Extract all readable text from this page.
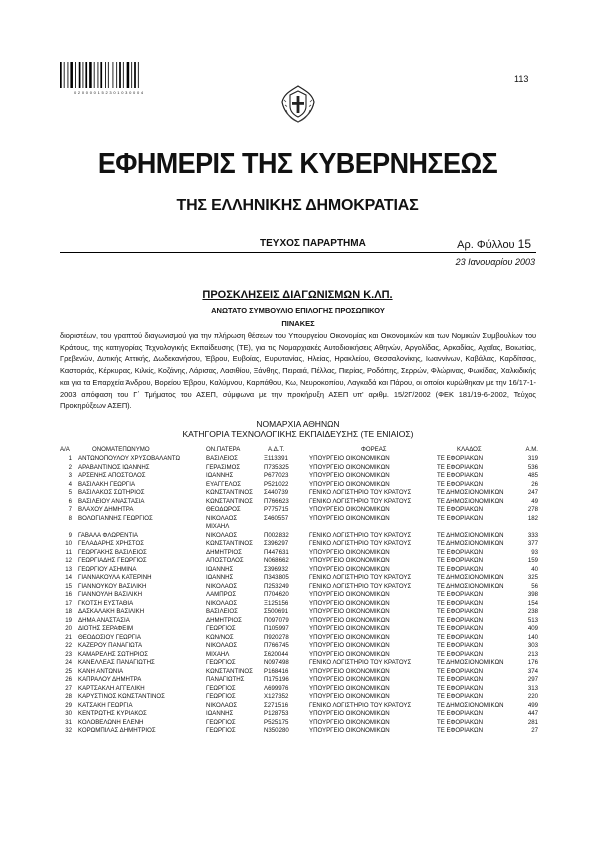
0 2 0 0 0 0 1 5 2 3 0 1 0 3 0 0 0 4
113
ΕΦΗΜΕΡΙΣ ΤΗΣ ΚΥΒΕΡΝΗΣΕΩΣ
ΤΗΣ ΕΛΛΗΝΙΚΗΣ ΔΗΜΟΚΡΑΤΙΑΣ
ΤΕΥΧΟΣ ΠΑΡΑΡΤΗΜΑ	Αρ. Φύλλου 15
23 Ιανουαρίου 2003
ΠΡΟΣΚΛΗΣΕΙΣ ΔΙΑΓΩΝΙΣΜΩΝ Κ.ΛΠ.
ΑΝΩΤΑΤΟ ΣΥΜΒΟΥΛΙΟ ΕΠΙΛΟΓΗΣ ΠΡΟΣΩΠΙΚΟΥ
ΠΙΝΑΚΕΣ
διοριστέων, του γραπτού διαγωνισμού για την πλήρωση θέσεων του Υπουργείου Οικονομίας και Οικονομικών και των Νομικών Συμβουλίων του Κράτους, της κατηγορίας Τεχνολογικής Εκπαίδευσης (ΤΕ), για τις Νομαρχιακές Αυτοδιοικήσεις Αθηνών, Αργολίδας, Αρκαδίας, Αχαΐας, Βοιωτίας, Γρεβενών, Δυτικής Αττικής, Δωδεκανήσου, Έβρου, Ευβοίας, Ευρυτανίας, Ηλείας, Ηρακλείου, Θεσσαλονίκης, Ιωαννίνων, Καβάλας, Καρδίτσας, Καστοριάς, Κέρκυρας, Κιλκίς, Κοζάνης, Λάρισας, Λασιθίου, Ξάνθης, Πειραιά, Πέλλας, Πιερίας, Ροδόπης, Σερρών, Φλώρινας, Φωκίδας, Χαλκιδικής και για τα Επαρχεία Άνδρου, Βορείου Έβρου, Καλύμνου, Καρπάθου, Κω, Νευροκοπίου, Λαγκαδά και Πάρου, οι οποίοι κυρώθηκαν με την 16/17-1-2003 απόφαση του Γ΄ Τμήματος του ΑΣΕΠ, σύμφωνα με την προκήρυξη ΑΣΕΠ υπ' αριθμ. 15/2Γ/2002 (ΦΕΚ 181/19-6-2002, Τεύχος Προκηρύξεων ΑΣΕΠ).
ΝΟΜΑΡΧΙΑ ΑΘΗΝΩΝ
ΚΑΤΗΓΟΡΙΑ ΤΕΧΝΟΛΟΓΙΚΗΣ ΕΚΠΑΙΔΕΥΣΗΣ (ΤΕ ΕΝΙΑΙΟΣ)
Α/Α	ΟΝΟΜΑΤΕΠΩΝΥΜΟ	ΟΝ.ΠΑΤΕΡΑ	Α.Δ.Τ.	ΦΟΡΕΑΣ	ΚΛΑΔΟΣ	Α.Μ.
1	ΑΝΤΩΝΟΠΟΥΛΟΥ ΧΡΥΣΟΒΑΛΑΝΤΩ	ΒΑΣΙΛΕΙΟΣ	Ξ113391	ΥΠΟΥΡΓΕΙΟ ΟΙΚΟΝΟΜΙΚΩΝ	ΤΕ ΕΦΟΡΙΑΚΩΝ	319
2	ΑΡΑΒΑΝΤΙΝΟΣ ΙΩΑΝΝΗΣ	ΓΕΡΑΣΙΜΟΣ	Π735325	ΥΠΟΥΡΓΕΙΟ ΟΙΚΟΝΟΜΙΚΩΝ	ΤΕ ΕΦΟΡΙΑΚΩΝ	536
3	ΑΡΣΕΝΗΣ ΑΠΟΣΤΟΛΟΣ	ΙΩΑΝΝΗΣ	Ρ677023	ΥΠΟΥΡΓΕΙΟ ΟΙΚΟΝΟΜΙΚΩΝ	ΤΕ ΕΦΟΡΙΑΚΩΝ	485
4	ΒΑΣΙΛΑΚΗ ΓΕΩΡΓΙΑ	ΕΥΑΓΓΕΛΟΣ	Ρ521022	ΥΠΟΥΡΓΕΙΟ ΟΙΚΟΝΟΜΙΚΩΝ	ΤΕ ΕΦΟΡΙΑΚΩΝ	26
5	ΒΑΣΙΛΑΚΟΣ ΣΩΤΗΡΙΟΣ	ΚΩΝΣΤΑΝΤΙΝΟΣ	Σ440739	ΓΕΝΙΚΟ ΛΟΓΙΣΤΗΡΙΟ ΤΟΥ ΚΡΑΤΟΥΣ	ΤΕ ΔΗΜΟΣΙΟΝΟΜΙΚΩΝ	247
6	ΒΑΣΙΛΕΙΟΥ ΑΝΑΣΤΑΣΙΑ	ΚΩΝΣΤΑΝΤΙΝΟΣ	Π766623	ΓΕΝΙΚΟ ΛΟΓΙΣΤΗΡΙΟ ΤΟΥ ΚΡΑΤΟΥΣ	ΤΕ ΔΗΜΟΣΙΟΝΟΜΙΚΩΝ	49
7	ΒΛΑΧΟΥ ΔΗΜΗΤΡΑ	ΘΕΟΔΩΡΟΣ	Ρ775715	ΥΠΟΥΡΓΕΙΟ ΟΙΚΟΝΟΜΙΚΩΝ	ΤΕ ΕΦΟΡΙΑΚΩΝ	278
8	ΒΟΛΟΓΙΑΝΝΗΣ ΓΕΩΡΓΙΟΣ	ΝΙΚΟΛΑΟΣ
ΜΙΧΑΗΛ	Σ460557	ΥΠΟΥΡΓΕΙΟ ΟΙΚΟΝΟΜΙΚΩΝ	ΤΕ ΕΦΟΡΙΑΚΩΝ	182
9	ΓΑΒΑΛΑ ΦΛΩΡΕΝΤΙΑ	ΝΙΚΟΛΑΟΣ	Π002832	ΓΕΝΙΚΟ ΛΟΓΙΣΤΗΡΙΟ ΤΟΥ ΚΡΑΤΟΥΣ	ΤΕ ΔΗΜΟΣΙΟΝΟΜΙΚΩΝ	333
10	ΓΕΛΑΔΑΡΗΣ ΧΡΗΣΤΟΣ	ΚΩΝΣΤΑΝΤΙΝΟΣ	Σ396297	ΓΕΝΙΚΟ ΛΟΓΙΣΤΗΡΙΟ ΤΟΥ ΚΡΑΤΟΥΣ	ΤΕ ΔΗΜΟΣΙΟΝΟΜΙΚΩΝ	377
11	ΓΕΩΡΓΑΚΗΣ ΒΑΣΙΛΕΙΟΣ	ΔΗΜΗΤΡΙΟΣ	Π447631	ΥΠΟΥΡΓΕΙΟ ΟΙΚΟΝΟΜΙΚΩΝ	ΤΕ ΕΦΟΡΙΑΚΩΝ	93
12	ΓΕΩΡΓΙΑΔΗΣ ΓΕΩΡΓΙΟΣ	ΑΠΟΣΤΟΛΟΣ	Ν068662	ΥΠΟΥΡΓΕΙΟ ΟΙΚΟΝΟΜΙΚΩΝ	ΤΕ ΕΦΟΡΙΑΚΩΝ	159
13	ΓΕΩΡΓΙΟΥ ΑΣΗΜΙΝΑ	ΙΩΑΝΝΗΣ	Σ396932	ΥΠΟΥΡΓΕΙΟ ΟΙΚΟΝΟΜΙΚΩΝ	ΤΕ ΕΦΟΡΙΑΚΩΝ	40
14	ΓΙΑΝΝΑΚΟΥΛΑ ΚΑΤΕΡΙΝΗ	ΙΩΑΝΝΗΣ	Π343805	ΓΕΝΙΚΟ ΛΟΓΙΣΤΗΡΙΟ ΤΟΥ ΚΡΑΤΟΥΣ	ΤΕ ΔΗΜΟΣΙΟΝΟΜΙΚΩΝ	325
15	ΓΙΑΝΝΟΥΚΟΥ ΒΑΣΙΛΙΚΗ	ΝΙΚΟΛΑΟΣ	Π253249	ΓΕΝΙΚΟ ΛΟΓΙΣΤΗΡΙΟ ΤΟΥ ΚΡΑΤΟΥΣ	ΤΕ ΔΗΜΟΣΙΟΝΟΜΙΚΩΝ	56
16	ΓΙΑΝΝΟΥΛΗ ΒΑΣΙΛΙΚΗ	ΛΑΜΠΡΟΣ	Π704620	ΥΠΟΥΡΓΕΙΟ ΟΙΚΟΝΟΜΙΚΩΝ	ΤΕ ΕΦΟΡΙΑΚΩΝ	398
17	ΓΚΟΤΣΗ ΕΥΣΤΑΘΙΑ	ΝΙΚΟΛΑΟΣ	Ξ125156	ΥΠΟΥΡΓΕΙΟ ΟΙΚΟΝΟΜΙΚΩΝ	ΤΕ ΕΦΟΡΙΑΚΩΝ	154
18	ΔΑΣΚΑΛΑΚΗ ΒΑΣΙΛΙΚΗ	ΒΑΣΙΛΕΙΟΣ	Σ500691	ΥΠΟΥΡΓΕΙΟ ΟΙΚΟΝΟΜΙΚΩΝ	ΤΕ ΕΦΟΡΙΑΚΩΝ	238
19	ΔΗΜΑ ΑΝΑΣΤΑΣΙΑ	ΔΗΜΗΤΡΙΟΣ	Π097079	ΥΠΟΥΡΓΕΙΟ ΟΙΚΟΝΟΜΙΚΩΝ	ΤΕ ΕΦΟΡΙΑΚΩΝ	513
20	ΔΙΟΤΗΣ ΣΕΡΑΦΕΙΜ	ΓΕΩΡΓΙΟΣ	Π105997	ΥΠΟΥΡΓΕΙΟ ΟΙΚΟΝΟΜΙΚΩΝ	ΤΕ ΕΦΟΡΙΑΚΩΝ	409
21	ΘΕΟΔΟΣΙΟΥ ΓΕΩΡΓΙΑ	ΚΩΝ/ΝΟΣ	Π920278	ΥΠΟΥΡΓΕΙΟ ΟΙΚΟΝΟΜΙΚΩΝ	ΤΕ ΕΦΟΡΙΑΚΩΝ	140
22	ΚΑΖΕΡΟΥ ΠΑΝΑΓΙΩΤΑ	ΝΙΚΟΛΑΟΣ	Π766745	ΥΠΟΥΡΓΕΙΟ ΟΙΚΟΝΟΜΙΚΩΝ	ΤΕ ΕΦΟΡΙΑΚΩΝ	303
23	ΚΑΜΑΡΕΛΗΣ ΣΩΤΗΡΙΟΣ	ΜΙΧΑΗΛ	Σ620044	ΥΠΟΥΡΓΕΙΟ ΟΙΚΟΝΟΜΙΚΩΝ	ΤΕ ΕΦΟΡΙΑΚΩΝ	213
24	ΚΑΝΕΛΛΕΑΣ ΠΑΝΑΓΙΩΤΗΣ	ΓΕΩΡΓΙΟΣ	Ν097498	ΓΕΝΙΚΟ ΛΟΓΙΣΤΗΡΙΟ ΤΟΥ ΚΡΑΤΟΥΣ	ΤΕ ΔΗΜΟΣΙΟΝΟΜΙΚΩΝ	176
25	ΚΑΝΗ ΑΝΤΩΝΙΑ	ΚΩΝΣΤΑΝΤΙΝΟΣ	Ρ168416	ΥΠΟΥΡΓΕΙΟ ΟΙΚΟΝΟΜΙΚΩΝ	ΤΕ ΕΦΟΡΙΑΚΩΝ	374
26	ΚΑΠΡΑΛΟΥ ΔΗΜΗΤΡΑ	ΠΑΝΑΓΙΩΤΗΣ	Π175196	ΥΠΟΥΡΓΕΙΟ ΟΙΚΟΝΟΜΙΚΩΝ	ΤΕ ΕΦΟΡΙΑΚΩΝ	297
27	ΚΑΡΤΣΑΚΛΗ ΑΓΓΕΛΙΚΗ	ΓΕΩΡΓΙΟΣ	Λ699976	ΥΠΟΥΡΓΕΙΟ ΟΙΚΟΝΟΜΙΚΩΝ	ΤΕ ΕΦΟΡΙΑΚΩΝ	313
28	ΚΑΡΥΣΤΙΝΟΣ ΚΩΝΣΤΑΝΤΙΝΟΣ	ΓΕΩΡΓΙΟΣ	Χ127352	ΥΠΟΥΡΓΕΙΟ ΟΙΚΟΝΟΜΙΚΩΝ	ΤΕ ΕΦΟΡΙΑΚΩΝ	220
29	ΚΑΤΣΑΚΗ ΓΕΩΡΓΙΑ	ΝΙΚΟΛΑΟΣ	Σ271516	ΓΕΝΙΚΟ ΛΟΓΙΣΤΗΡΙΟ ΤΟΥ ΚΡΑΤΟΥΣ	ΤΕ ΔΗΜΟΣΙΟΝΟΜΙΚΩΝ	499
30	ΚΕΝΤΡΩΤΗΣ ΚΥΡΙΑΚΟΣ	ΙΩΑΝΝΗΣ	Ρ128753	ΥΠΟΥΡΓΕΙΟ ΟΙΚΟΝΟΜΙΚΩΝ	ΤΕ ΕΦΟΡΙΑΚΩΝ	447
31	ΚΟΛΟΒΕΛΩΝΗ ΕΛΕΝΗ	ΓΕΩΡΓΙΟΣ	Ρ525175	ΥΠΟΥΡΓΕΙΟ ΟΙΚΟΝΟΜΙΚΩΝ	ΤΕ ΕΦΟΡΙΑΚΩΝ	281
32	ΚΟΡΩΜΠΙΛΑΣ ΔΗΜΗΤΡΙΟΣ	ΓΕΩΡΓΙΟΣ	Ν350280	ΥΠΟΥΡΓΕΙΟ ΟΙΚΟΝΟΜΙΚΩΝ	ΤΕ ΕΦΟΡΙΑΚΩΝ	27
